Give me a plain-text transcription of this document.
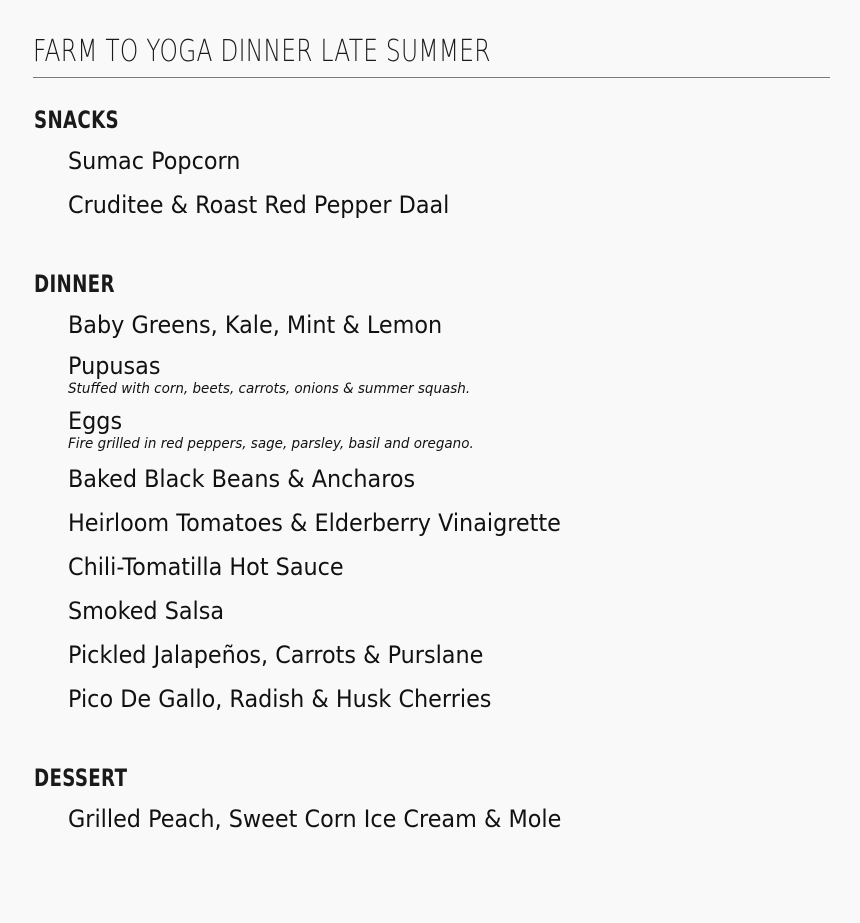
FARM TO YOGA DINNER LATE SUMMER
SNACKS
Sumac Popcorn
Cruditee & Roast Red Pepper Daal
DINNER
Baby Greens, Kale, Mint & Lemon
Pupusas
Stuffed with corn, beets, carrots, onions & summer squash.
Eggs
Fire grilled in red peppers, sage, parsley, basil and oregano.
Baked Black Beans & Ancharos
Heirloom Tomatoes & Elderberry Vinaigrette
Chili-Tomatilla Hot Sauce
Smoked Salsa
Pickled Jalapeños, Carrots & Purslane
Pico De Gallo, Radish & Husk Cherries
DESSERT
Grilled Peach, Sweet Corn Ice Cream & Mole
